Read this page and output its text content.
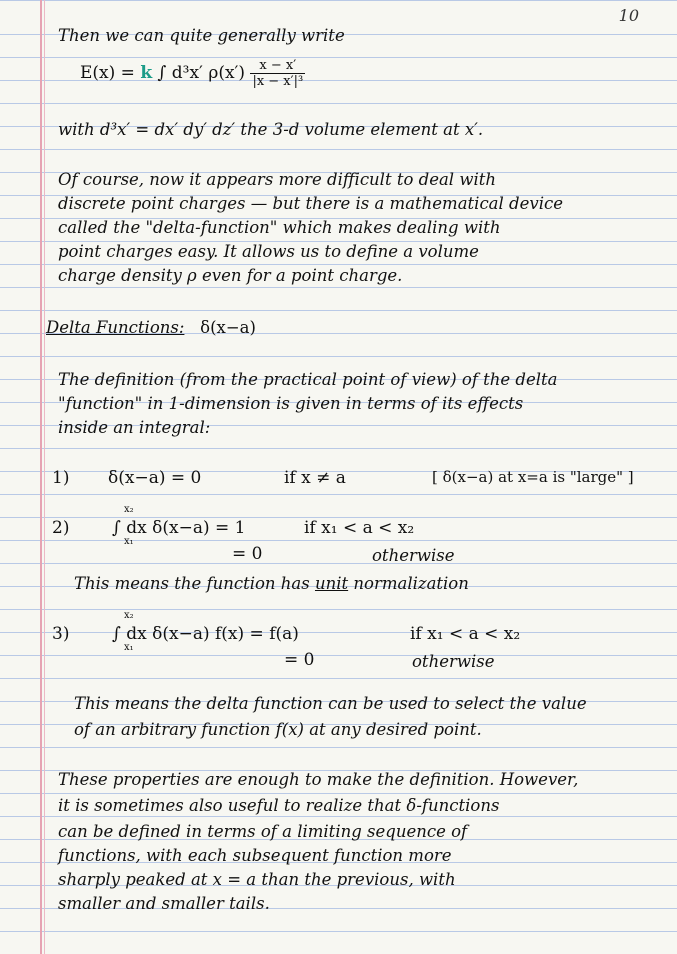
10
Then we can quite generally write
E(x) = k ∫ d³x′ $\rho(x') \frac{x - x'}{\text{|x − x′|³}}$
with d³x′ = dx′ dy′ dz′ the 3-d volume element at x′.
Of course, now it appears more difficult to deal with
discrete point charges — but there is a mathematical device
called the "delta-function" which makes dealing with
point charges easy. It allows us to define a volume
charge density ρ even for a point charge.
Delta Functions: δ(x−a)
The definition (from the practical point of view) of the delta
"function" in 1-dimension is given in terms of its effects
inside an integral:
1) δ(x−a) = 0	if x ≠ a	[ δ(x−a) at x=a is "large" ]
2)
x₂
x₁
∫ dx δ(x−a) = 1	if x₁ < a < x₂
= 0	otherwise
This means the function has unit normalization
3)
x₂
x₁
∫ dx δ(x−a) f(x) = f(a)	if x₁ < a < x₂
= 0	otherwise
This means the delta function can be used to select the value
of an arbitrary function f(x) at any desired point.
These properties are enough to make the definition. However,
it is sometimes also useful to realize that δ-functions
can be defined in terms of a limiting sequence of
functions, with each subsequent function more
sharply peaked at x = a than the previous, with
smaller and smaller tails.
